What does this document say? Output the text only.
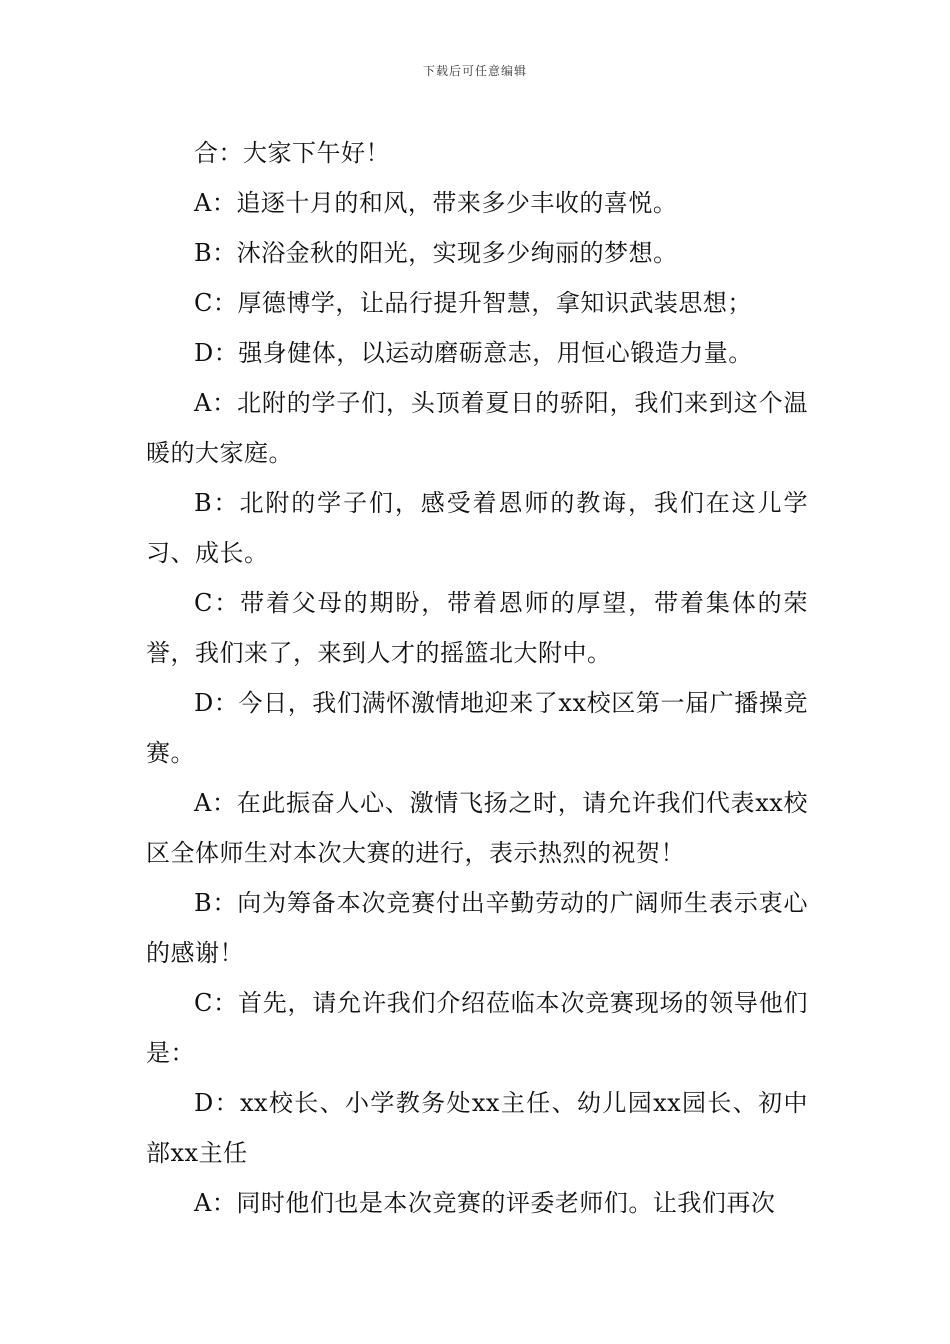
下载后可任意编辑

合：大家下午好！

A：追逐十月的和风，带来多少丰收的喜悦。

B：沐浴金秋的阳光，实现多少绚丽的梦想。

C：厚德博学，让品行提升智慧，拿知识武装思想；

D：强身健体，以运动磨砺意志，用恒心锻造力量。

A：北附的学子们，头顶着夏日的骄阳，我们来到这个温暖的大家庭。

B：北附的学子们，感受着恩师的教诲，我们在这儿学习、成长。

C：带着父母的期盼，带着恩师的厚望，带着集体的荣誉，我们来了，来到人才的摇篮北大附中。

D：今日，我们满怀激情地迎来了xx校区第一届广播操竞赛。

A：在此振奋人心、激情飞扬之时，请允许我们代表xx校区全体师生对本次大赛的进行，表示热烈的祝贺！

B：向为筹备本次竞赛付出辛勤劳动的广阔师生表示衷心的感谢！

C：首先，请允许我们介绍莅临本次竞赛现场的领导他们是：

D：xx校长、小学教务处xx主任、幼儿园xx园长、初中部xx主任

A：同时他们也是本次竞赛的评委老师们。让我们再次
